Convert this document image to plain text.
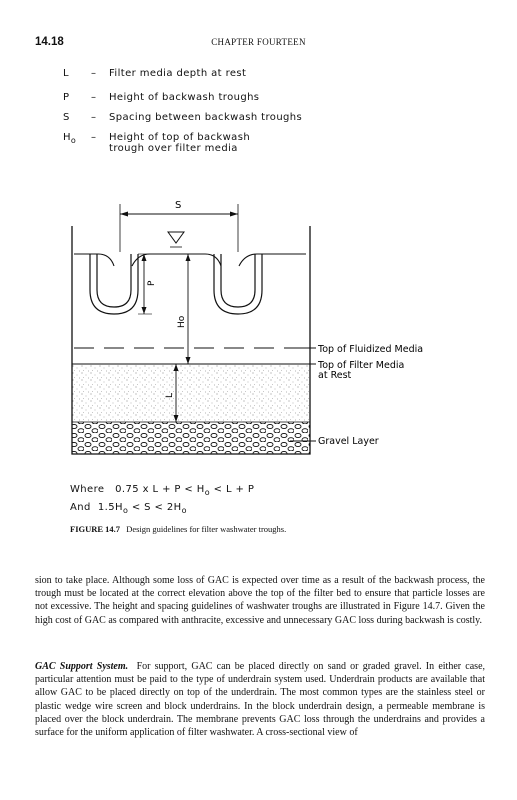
14.18	CHAPTER FOURTEEN
L – Filter media depth at rest
P – Height of backwash troughs
S – Spacing between backwash troughs
$H_o$ – Height of top of backwash
trough over filter media
S
P
Ho
L
Top of Fluidized Media
Top of Filter Media
at Rest
Gravel Layer
Where 0.75 x $L + P < H_o < L + P$
And $1.5H_o < S < 2H_o$
FIGURE 14.7 Design guidelines for filter washwater troughs.
sion to take place. Although some loss of GAC is expected over time as a result of the backwash process, the trough must be located at the correct elevation above the top of the filter bed to ensure that particle losses are not excessive. The height and spacing guidelines of washwater troughs are illustrated in Figure 14.7. Given the high cost of GAC as compared with anthracite, excessive and unnecessary GAC loss during backwash is costly.
GAC Support System. For support, GAC can be placed directly on sand or graded gravel. In either case, particular attention must be paid to the type of underdrain system used. Underdrain products are available that allow GAC to be placed directly on top of the underdrain. The most common types are the stainless steel or plastic wedge wire screen and block underdrains. In the block underdrain design, a permeable membrane is placed over the block underdrain. The membrane prevents GAC loss through the underdrains and provides a surface for the uniform application of filter washwater. A cross-sectional view of
